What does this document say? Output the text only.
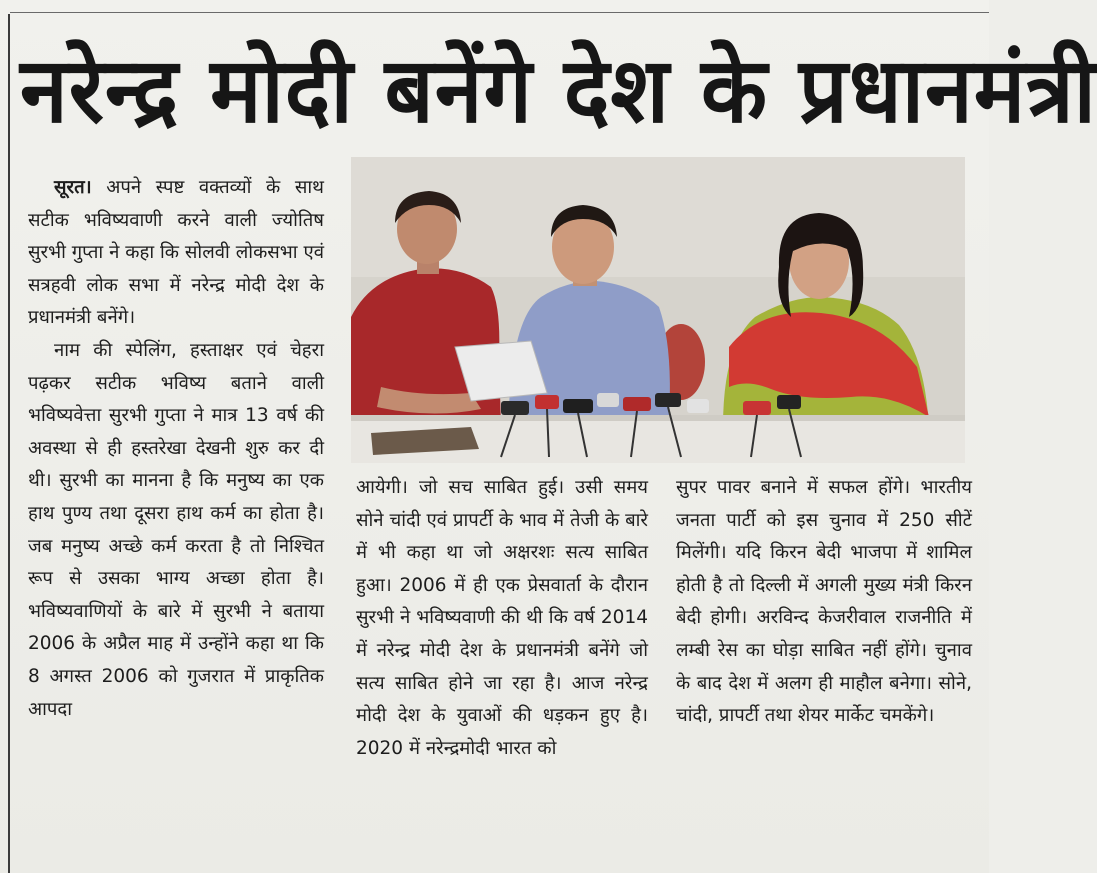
नरेन्द्र मोदी बनेंगे देश के प्रधानमंत्री

सूरत। अपने स्पष्ट वक्तव्यों के साथ सटीक भविष्यवाणी करने वाली ज्योतिष सुरभी गुप्ता ने कहा कि सोलवी लोकसभा एवं सत्रहवी लोक सभा में नरेन्द्र मोदी देश के प्रधानमंत्री बनेंगे।

नाम की स्पेलिंग, हस्ताक्षर एवं चेहरा पढ़कर सटीक भविष्य बताने वाली भविष्यवेत्ता सुरभी गुप्ता ने मात्र 13 वर्ष की अवस्था से ही हस्तरेखा देखनी शुरु कर दी थी। सुरभी का मानना है कि मनुष्य का एक हाथ पुण्य तथा दूसरा हाथ कर्म का होता है। जब मनुष्य अच्छे कर्म करता है तो निश्चित रूप से उसका भाग्य अच्छा होता है। भविष्यवाणियों के बारे में सुरभी ने बताया 2006 के अप्रैल माह में उन्होंने कहा था कि 8 अगस्त 2006 को गुजरात में प्राकृतिक आपदा

आयेगी। जो सच साबित हुई। उसी समय सोने चांदी एवं प्रापर्टी के भाव में तेजी के बारे में भी कहा था जो अक्षरशः सत्य साबित हुआ। 2006 में ही एक प्रेसवार्ता के दौरान सुरभी ने भविष्यवाणी की थी कि वर्ष 2014 में नरेन्द्र मोदी देश के प्रधानमंत्री बनेंगे जो सत्य साबित होने जा रहा है। आज नरेन्द्र मोदी देश के युवाओं की धड़कन हुए है। 2020 में नरेन्द्रमोदी भारत को

सुपर पावर बनाने में सफल होंगे। भारतीय जनता पार्टी को इस चुनाव में 250 सीटें मिलेंगी। यदि किरन बेदी भाजपा में शामिल होती है तो दिल्ली में अगली मुख्य मंत्री किरन बेदी होगी। अरविन्द केजरीवाल राजनीति में लम्बी रेस का घोड़ा साबित नहीं होंगे। चुनाव के बाद देश में अलग ही माहौल बनेगा। सोने, चांदी, प्रापर्टी तथा शेयर मार्केट चमकेंगे।
